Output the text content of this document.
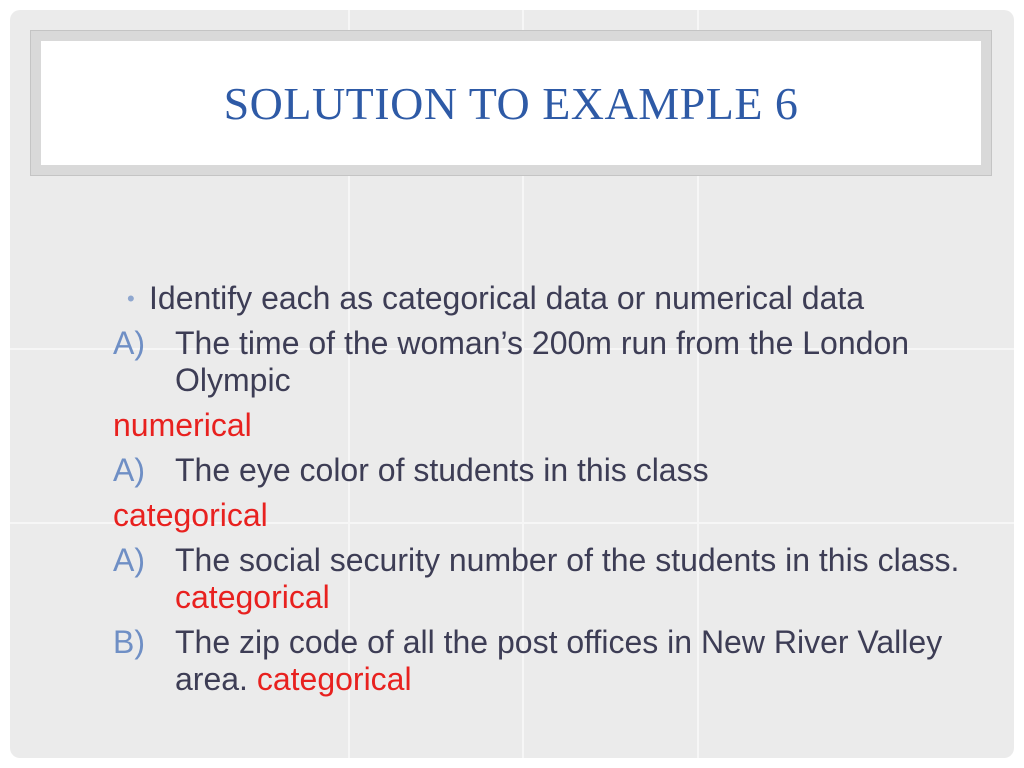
SOLUTION TO EXAMPLE 6
• Identify each as categorical data or numerical data
A) The time of the woman’s 200m run from the London Olympic
numerical
A) The eye color of students in this class
categorical
A) The social security number of the students in this class. categorical
B) The zip code of all the post offices in New River Valley area. categorical
